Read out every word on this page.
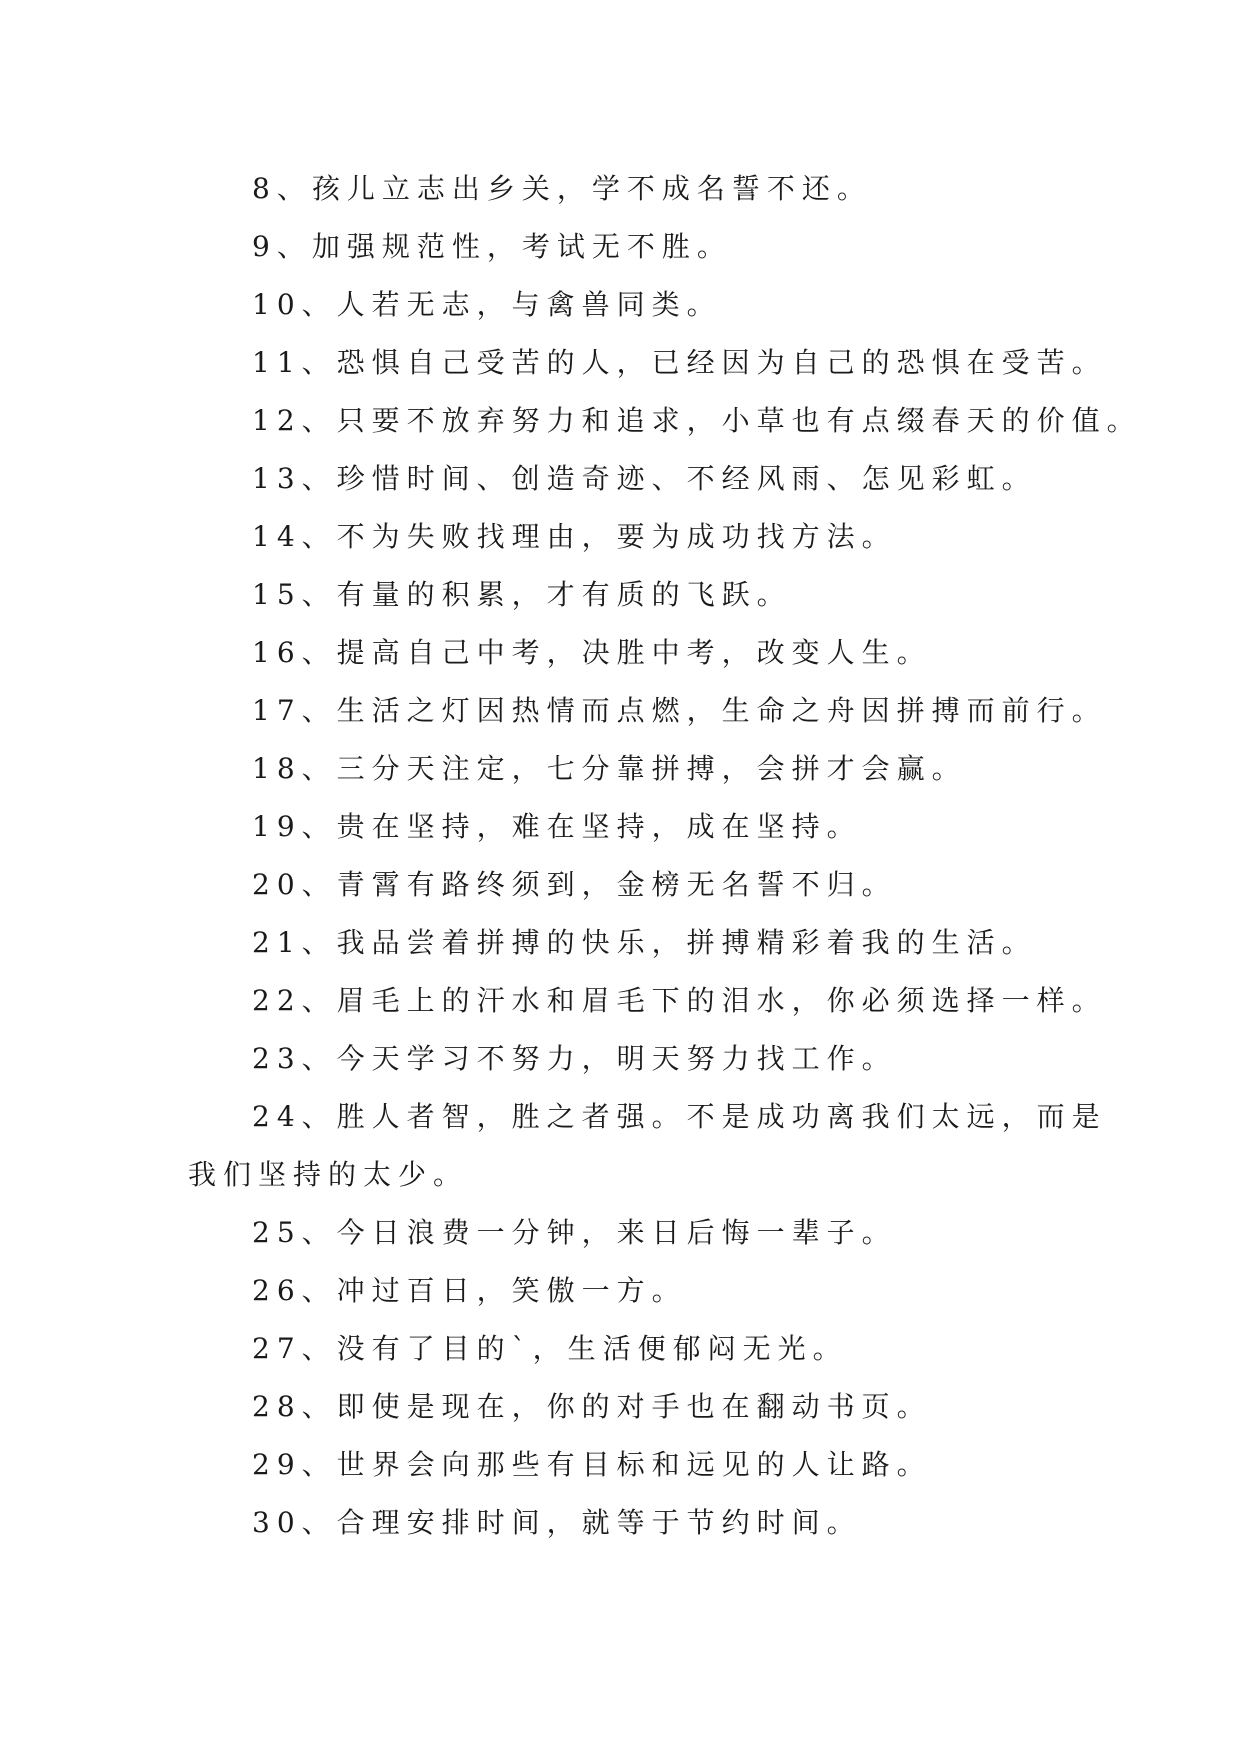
8、孩儿立志出乡关，学不成名誓不还。
9、加强规范性，考试无不胜。
10、人若无志，与禽兽同类。
11、恐惧自己受苦的人，已经因为自己的恐惧在受苦。
12、只要不放弃努力和追求，小草也有点缀春天的价值。
13、珍惜时间、创造奇迹、不经风雨、怎见彩虹。
14、不为失败找理由，要为成功找方法。
15、有量的积累，才有质的飞跃。
16、提高自己中考，决胜中考，改变人生。
17、生活之灯因热情而点燃，生命之舟因拼搏而前行。
18、三分天注定，七分靠拼搏，会拼才会赢。
19、贵在坚持，难在坚持，成在坚持。
20、青霄有路终须到，金榜无名誓不归。
21、我品尝着拼搏的快乐，拼搏精彩着我的生活。
22、眉毛上的汗水和眉毛下的泪水，你必须选择一样。
23、今天学习不努力，明天努力找工作。
24、胜人者智，胜之者强。不是成功离我们太远，而是
我们坚持的太少。
25、今日浪费一分钟，来日后悔一辈子。
26、冲过百日，笑傲一方。
27、没有了目的`，生活便郁闷无光。
28、即使是现在，你的对手也在翻动书页。
29、世界会向那些有目标和远见的人让路。
30、合理安排时间，就等于节约时间。
